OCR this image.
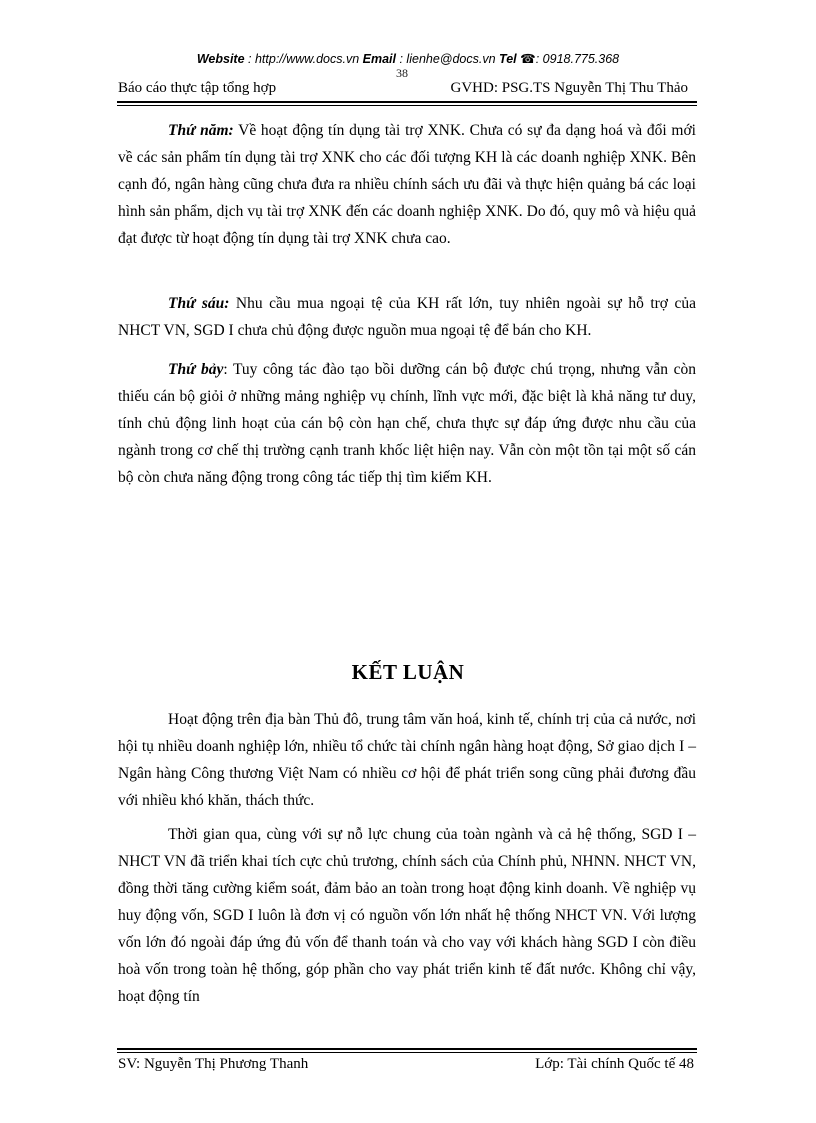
Website : http://www.docs.vn Email : lienhe@docs.vn Tel ☎: 0918.775.368
38
Báo cáo thực tập tổng hợp	GVHD: PSG.TS Nguyễn Thị Thu Thảo
Thứ năm: Về hoạt động tín dụng tài trợ XNK. Chưa có sự đa dạng hoá và đổi mới về các sản phẩm tín dụng tài trợ XNK cho các đối tượng KH là các doanh nghiệp XNK. Bên cạnh đó, ngân hàng cũng chưa đưa ra nhiều chính sách ưu đãi và thực hiện quảng bá các loại hình sản phẩm, dịch vụ tài trợ XNK đến các doanh nghiệp XNK. Do đó, quy mô và hiệu quả đạt được từ hoạt động tín dụng tài trợ XNK chưa cao.
Thứ sáu: Nhu cầu mua ngoại tệ của KH rất lớn, tuy nhiên ngoài sự hỗ trợ của NHCT VN, SGD I chưa chủ động được nguồn mua ngoại tệ để bán cho KH.
Thứ bảy: Tuy công tác đào tạo bồi dưỡng cán bộ được chú trọng, nhưng vẫn còn thiếu cán bộ giỏi ở những mảng nghiệp vụ chính, lĩnh vực mới, đặc biệt là khả năng tư duy, tính chủ động linh hoạt của cán bộ còn hạn chế, chưa thực sự đáp ứng được nhu cầu của ngành trong cơ chế thị trường cạnh tranh khốc liệt hiện nay. Vẫn còn một tồn tại một số cán bộ còn chưa năng động trong công tác tiếp thị tìm kiếm KH.
KẾT LUẬN
Hoạt động trên địa bàn Thủ đô, trung tâm văn hoá, kinh tế, chính trị của cả nước, nơi hội tụ nhiều doanh nghiệp lớn, nhiều tổ chức tài chính ngân hàng hoạt động, Sở giao dịch I – Ngân hàng Công thương Việt Nam có nhiều cơ hội để phát triển song cũng phải đương đầu với nhiều khó khăn, thách thức.
Thời gian qua, cùng với sự nỗ lực chung của toàn ngành và cả hệ thống, SGD I – NHCT VN đã triển khai tích cực chủ trương, chính sách của Chính phủ, NHNN. NHCT VN, đồng thời tăng cường kiểm soát, đảm bảo an toàn trong hoạt động kinh doanh. Về nghiệp vụ huy động vốn, SGD I luôn là đơn vị có nguồn vốn lớn nhất hệ thống NHCT VN. Với lượng vốn lớn đó ngoài đáp ứng đủ vốn để thanh toán và cho vay với khách hàng SGD I còn điều hoà vốn trong toàn hệ thống, góp phần cho vay phát triển kinh tế đất nước. Không chỉ vậy, hoạt động tín
SV: Nguyễn Thị Phương Thanh	Lớp: Tài chính Quốc tế 48
